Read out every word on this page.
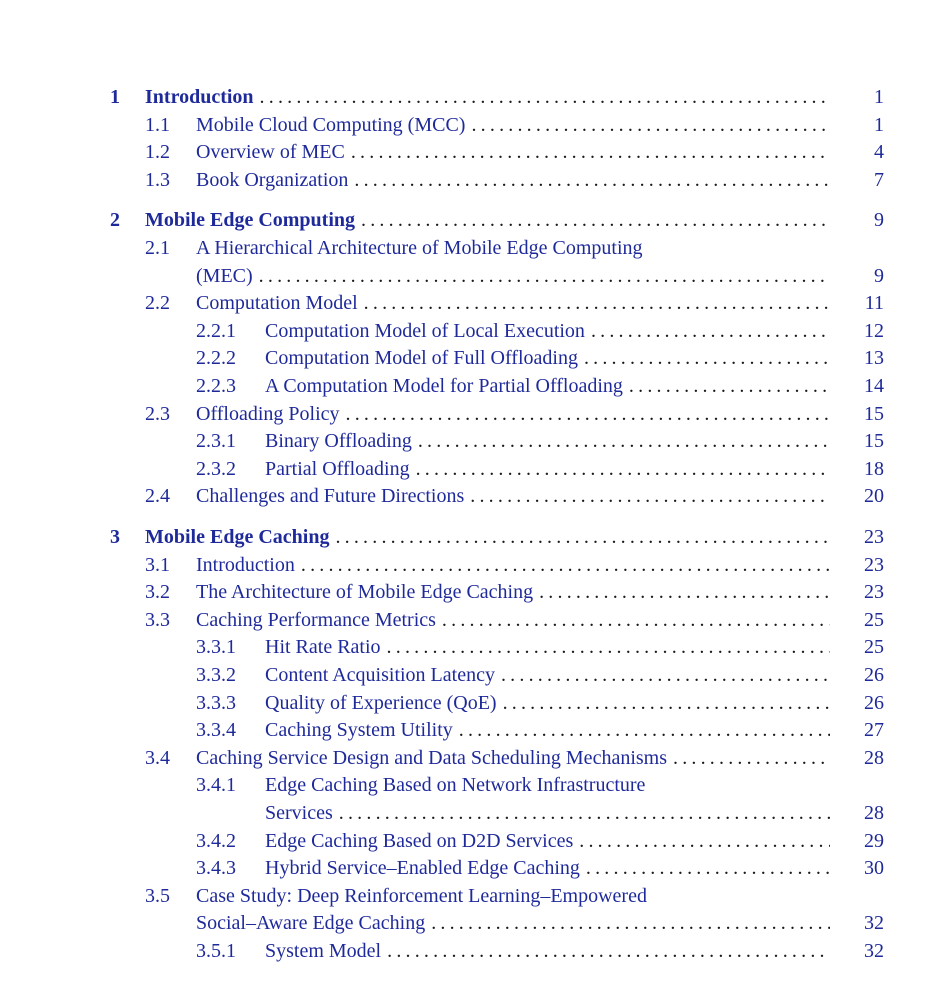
1 Introduction .....	1
1.1 Mobile Cloud Computing (MCC) .....	1
1.2 Overview of MEC .....	4
1.3 Book Organization .....	7
2 Mobile Edge Computing .....	9
2.1 A Hierarchical Architecture of Mobile Edge Computing
(MEC) .....	9
2.2 Computation Model .....	11
2.2.1 Computation Model of Local Execution .....	12
2.2.2 Computation Model of Full Offloading .....	13
2.2.3 A Computation Model for Partial Offloading .....	14
2.3 Offloading Policy .....	15
2.3.1 Binary Offloading .....	15
2.3.2 Partial Offloading .....	18
2.4 Challenges and Future Directions .....	20
3 Mobile Edge Caching .....	23
3.1 Introduction .....	23
3.2 The Architecture of Mobile Edge Caching .....	23
3.3 Caching Performance Metrics .....	25
3.3.1 Hit Rate Ratio .....	25
3.3.2 Content Acquisition Latency .....	26
3.3.3 Quality of Experience (QoE) .....	26
3.3.4 Caching System Utility .....	27
3.4 Caching Service Design and Data Scheduling Mechanisms .....	28
3.4.1 Edge Caching Based on Network Infrastructure
Services .....	28
3.4.2 Edge Caching Based on D2D Services .....	29
3.4.3 Hybrid Service–Enabled Edge Caching .....	30
3.5 Case Study: Deep Reinforcement Learning–Empowered
Social–Aware Edge Caching .....	32
3.5.1 System Model .....	32
